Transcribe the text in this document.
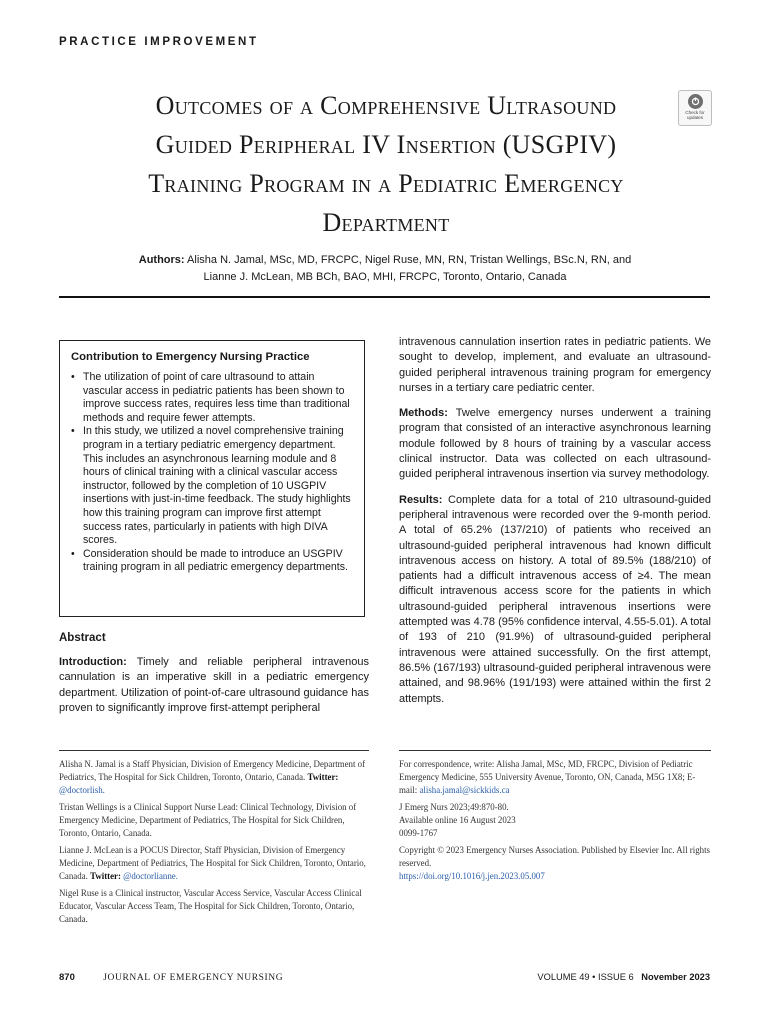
PRACTICE IMPROVEMENT
Outcomes of a Comprehensive Ultrasound
Guided Peripheral IV Insertion (USGPIV)
Training Program in a Pediatric Emergency
Department
Check for updates
Authors: Alisha N. Jamal, MSc, MD, FRCPC, Nigel Ruse, MN, RN, Tristan Wellings, BSc.N, RN, and
Lianne J. McLean, MB BCh, BAO, MHI, FRCPC, Toronto, Ontario, Canada
Contribution to Emergency Nursing Practice
• The utilization of point of care ultrasound to attain vascular access in pediatric patients has been shown to improve success rates, requires less time than traditional methods and require fewer attempts.
• In this study, we utilized a novel comprehensive training program in a tertiary pediatric emergency department. This includes an asynchronous learning module and 8 hours of clinical training with a clinical vascular access instructor, followed by the completion of 10 USGPIV insertions with just-in-time feedback. The study highlights how this training program can improve first attempt success rates, particularly in patients with high DIVA scores.
• Consideration should be made to introduce an USGPIV training program in all pediatric emergency departments.
Abstract

Introduction: Timely and reliable peripheral intravenous cannulation is an imperative skill in a pediatric emergency department. Utilization of point-of-care ultrasound guidance has proven to significantly improve first-attempt peripheral

intravenous cannulation insertion rates in pediatric patients. We sought to develop, implement, and evaluate an ultrasound-guided peripheral intravenous training program for emergency nurses in a tertiary care pediatric center.

Methods: Twelve emergency nurses underwent a training program that consisted of an interactive asynchronous learning module followed by 8 hours of training by a vascular access clinical instructor. Data was collected on each ultrasound-guided peripheral intravenous insertion via survey methodology.

Results: Complete data for a total of 210 ultrasound-guided peripheral intravenous were recorded over the 9-month period. A total of 65.2% (137/210) of patients who received an ultrasound-guided peripheral intravenous had known difficult intravenous access on history. A total of 89.5% (188/210) of patients had a difficult intravenous access of ≥4. The mean difficult intravenous access score for the patients in which ultrasound-guided peripheral intravenous insertions were attempted was 4.78 (95% confidence interval, 4.55-5.01). A total of 193 of 210 (91.9%) of ultrasound-guided peripheral intravenous were attained successfully. On the first attempt, 86.5% (167/193) ultrasound-guided peripheral intravenous were attained, and 98.96% (191/193) were attained within the first 2 attempts.

Alisha N. Jamal is a Staff Physician, Division of Emergency Medicine, Department of Pediatrics, The Hospital for Sick Children, Toronto, Ontario, Canada. Twitter: @doctorlish.

Tristan Wellings is a Clinical Support Nurse Lead: Clinical Technology, Division of Emergency Medicine, Department of Pediatrics, The Hospital for Sick Children, Toronto, Ontario, Canada.

Lianne J. McLean is a POCUS Director, Staff Physician, Division of Emergency Medicine, Department of Pediatrics, The Hospital for Sick Children, Toronto, Ontario, Canada. Twitter: @doctorlianne.

Nigel Ruse is a Clinical instructor, Vascular Access Service, Vascular Access Clinical Educator, Vascular Access Team, The Hospital for Sick Children, Toronto, Ontario, Canada.

For correspondence, write: Alisha Jamal, MSc, MD, FRCPC, Division of Pediatric Emergency Medicine, 555 University Avenue, Toronto, ON, Canada, M5G 1X8; E-mail: alisha.jamal@sickkids.ca

J Emerg Nurs 2023;49:870-80.
Available online 16 August 2023
0099-1767

Copyright © 2023 Emergency Nurses Association. Published by Elsevier Inc. All rights reserved.
https://doi.org/10.1016/j.jen.2023.05.007

870	JOURNAL OF EMERGENCY NURSING	VOLUME 49 • ISSUE 6 November 2023
